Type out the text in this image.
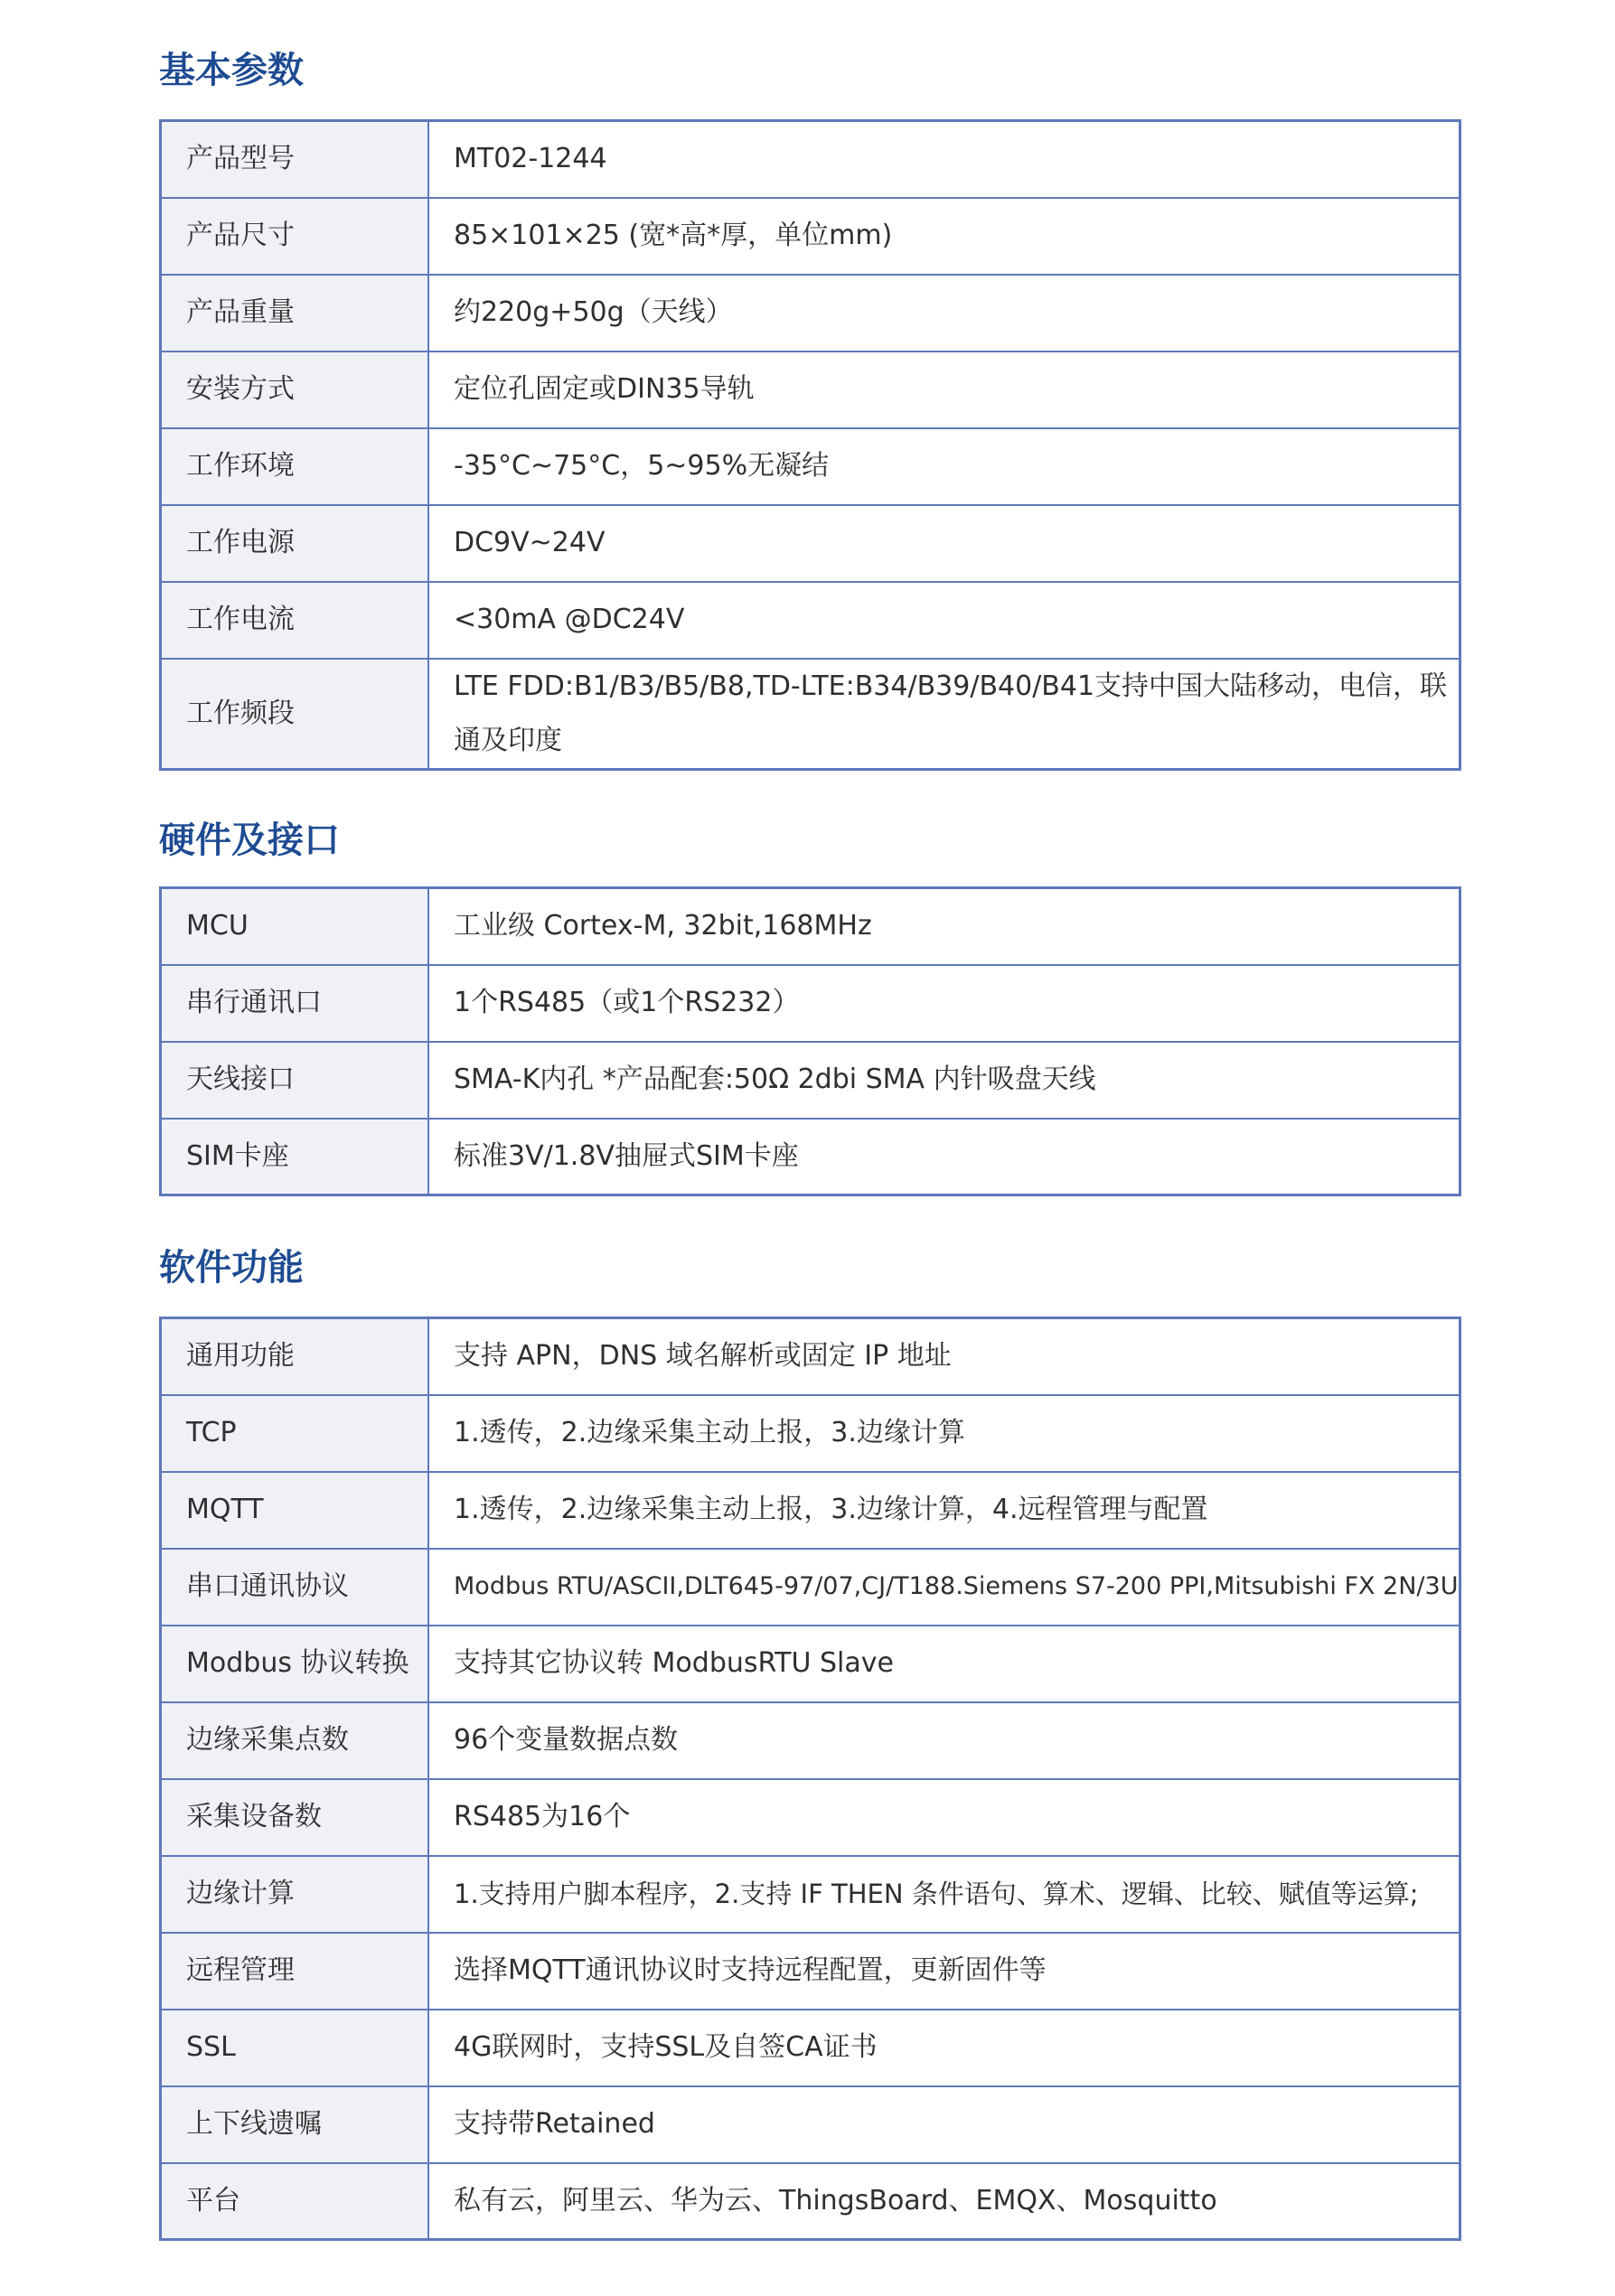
基本参数
产品型号	MT02-1244
产品尺寸	85×101×25 (宽*高*厚，单位mm)
产品重量	约220g+50g（天线）
安装方式	定位孔固定或DIN35导轨
工作环境	-35°C~75°C，5~95%无凝结
工作电源	DC9V~24V
工作电流	<30mA @DC24V
工作频段	LTE FDD:B1/B3/B5/B8,TD-LTE:B34/B39/B40/B41支持中国大陆移动，电信，联通及印度
硬件及接口
MCU	工业级 Cortex-M, 32bit,168MHz
串行通讯口	1个RS485（或1个RS232）
天线接口	SMA-K内孔 *产品配套:50Ω 2dbi SMA 内针吸盘天线
SIM卡座	标准3V/1.8V抽屉式SIM卡座
软件功能
通用功能	支持 APN，DNS 域名解析或固定 IP 地址
TCP	1.透传，2.边缘采集主动上报，3.边缘计算
MQTT	1.透传，2.边缘采集主动上报，3.边缘计算，4.远程管理与配置
串口通讯协议	Modbus RTU/ASCII,DLT645-97/07,CJ/T188.Siemens S7-200 PPI,Mitsubishi FX 2N/3U
Modbus 协议转换	支持其它协议转 ModbusRTU Slave
边缘采集点数	96个变量数据点数
采集设备数	RS485为16个
边缘计算	1.支持用户脚本程序，2.支持 IF THEN 条件语句、算术、逻辑、比较、赋值等运算;
远程管理	选择MQTT通讯协议时支持远程配置，更新固件等
SSL	4G联网时，支持SSL及自签CA证书
上下线遗嘱	支持带Retained
平台	私有云，阿里云、华为云、ThingsBoard、EMQX、Mosquitto
